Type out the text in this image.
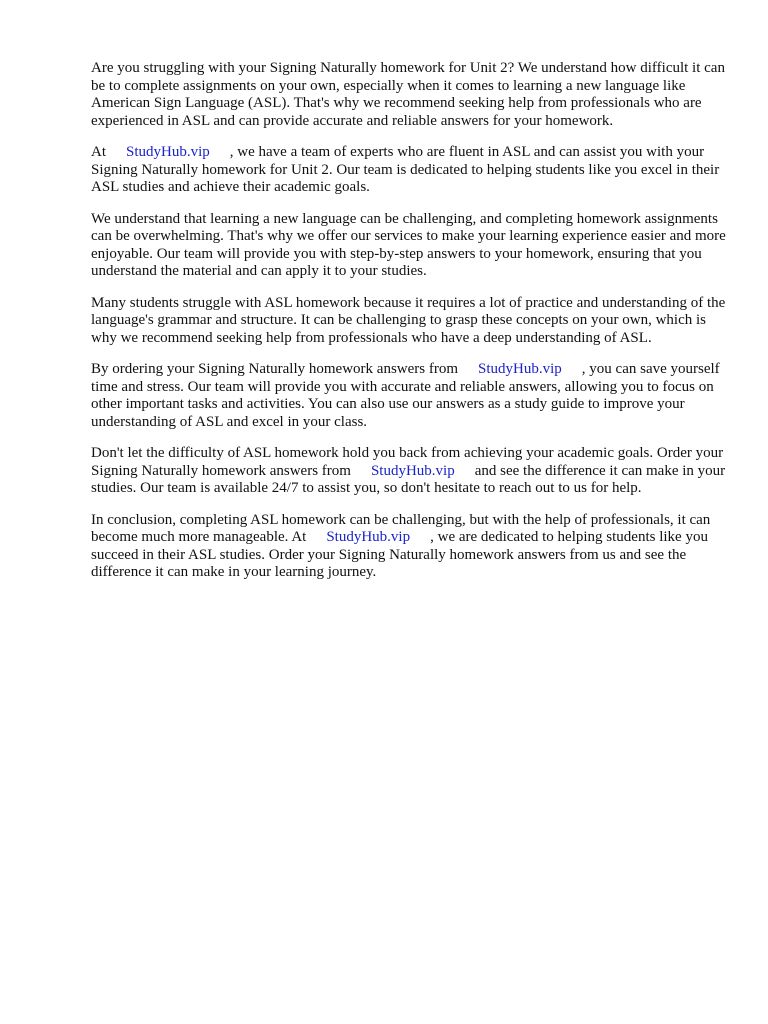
Are you struggling with your Signing Naturally homework for Unit 2? We understand how difficult it can be to complete assignments on your own, especially when it comes to learning a new language like American Sign Language (ASL). That's why we recommend seeking help from professionals who are experienced in ASL and can provide accurate and reliable answers for your homework.

At StudyHub.vip , we have a team of experts who are fluent in ASL and can assist you with your Signing Naturally homework for Unit 2. Our team is dedicated to helping students like you excel in their ASL studies and achieve their academic goals.

We understand that learning a new language can be challenging, and completing homework assignments can be overwhelming. That's why we offer our services to make your learning experience easier and more enjoyable. Our team will provide you with step-by-step answers to your homework, ensuring that you understand the material and can apply it to your studies.

Many students struggle with ASL homework because it requires a lot of practice and understanding of the language's grammar and structure. It can be challenging to grasp these concepts on your own, which is why we recommend seeking help from professionals who have a deep understanding of ASL.

By ordering your Signing Naturally homework answers from StudyHub.vip , you can save yourself time and stress. Our team will provide you with accurate and reliable answers, allowing you to focus on other important tasks and activities. You can also use our answers as a study guide to improve your understanding of ASL and excel in your class.

Don't let the difficulty of ASL homework hold you back from achieving your academic goals. Order your Signing Naturally homework answers from StudyHub.vip and see the difference it can make in your studies. Our team is available 24/7 to assist you, so don't hesitate to reach out to us for help.

In conclusion, completing ASL homework can be challenging, but with the help of professionals, it can become much more manageable. At StudyHub.vip , we are dedicated to helping students like you succeed in their ASL studies. Order your Signing Naturally homework answers from us and see the difference it can make in your learning journey.
